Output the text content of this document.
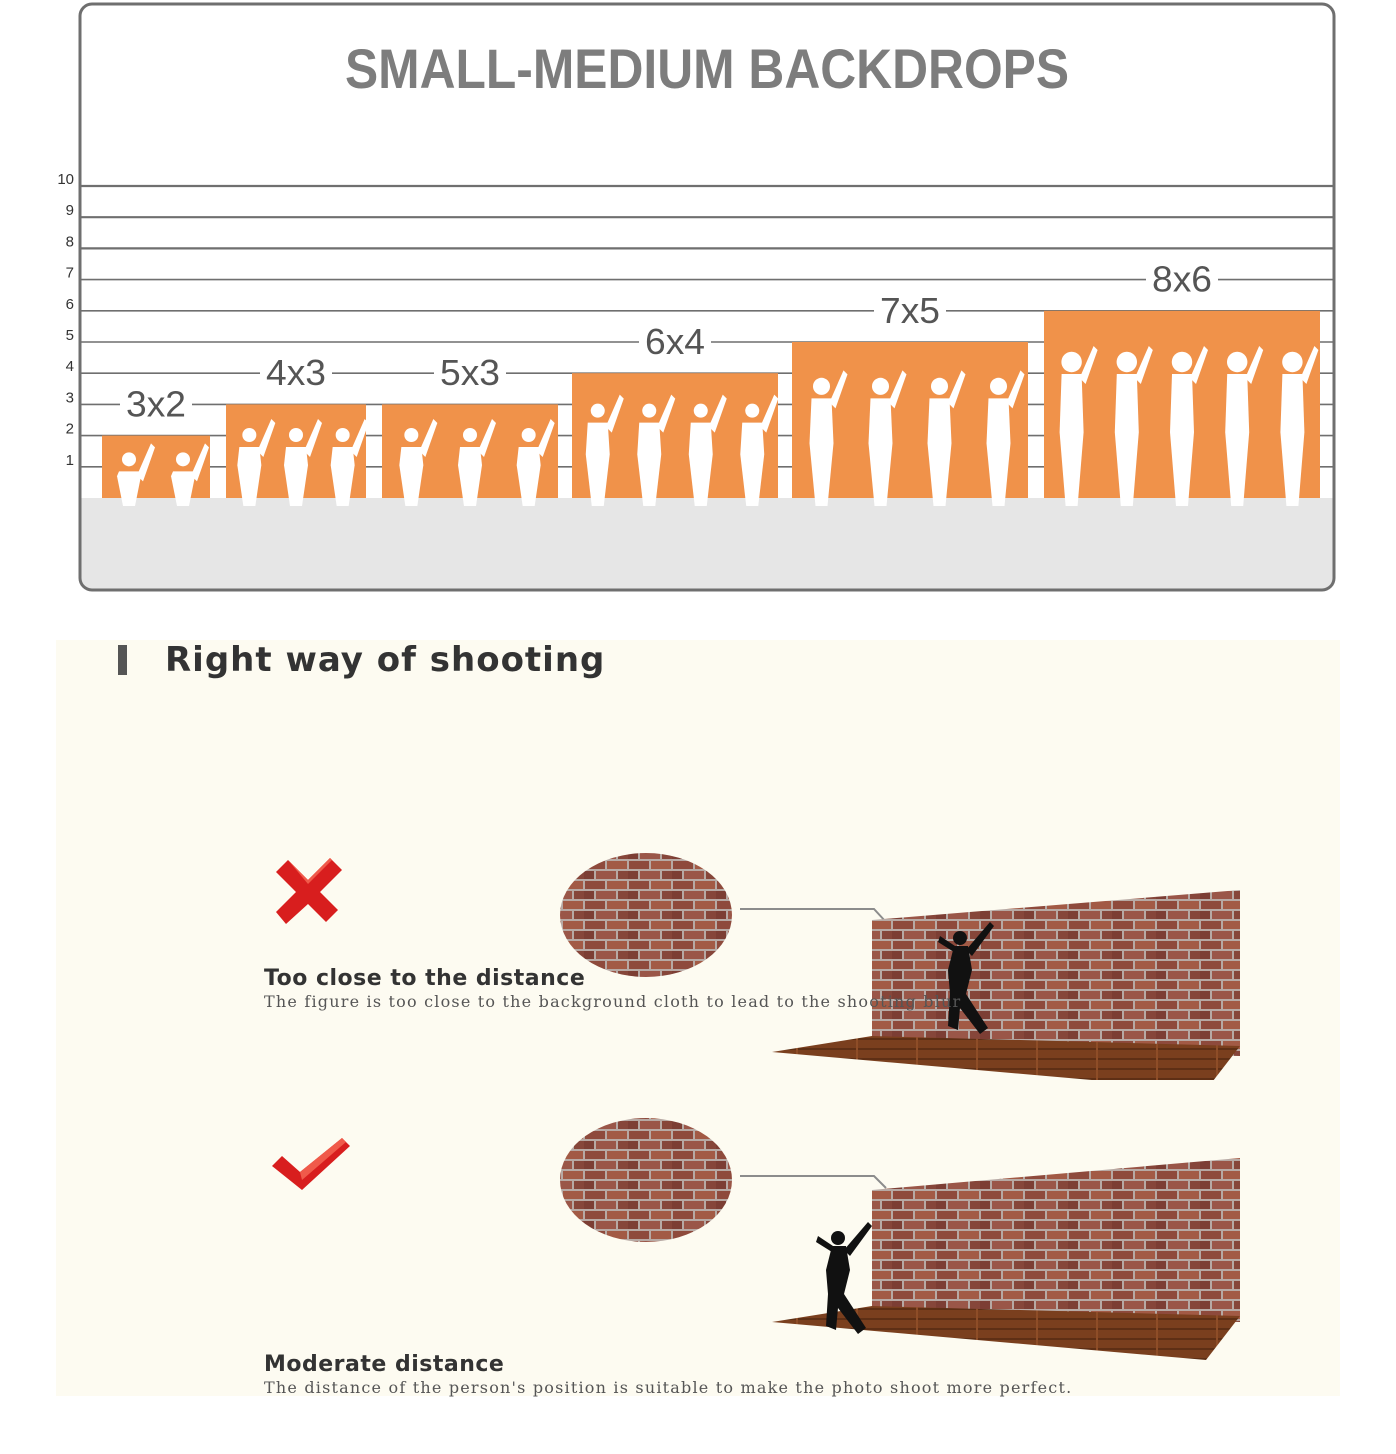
SMALL-MEDIUM BACKDROPS
1
2
3
4
5
6
7
8
9
10
3x2
4x3	5x3
6x4
7x5
8x6
Right way of shooting
Too close to the distance
The figure is too close to the background cloth to lead to the shooting blur
Moderate distance
The distance of the person's position is suitable to make the photo shoot more perfect.
